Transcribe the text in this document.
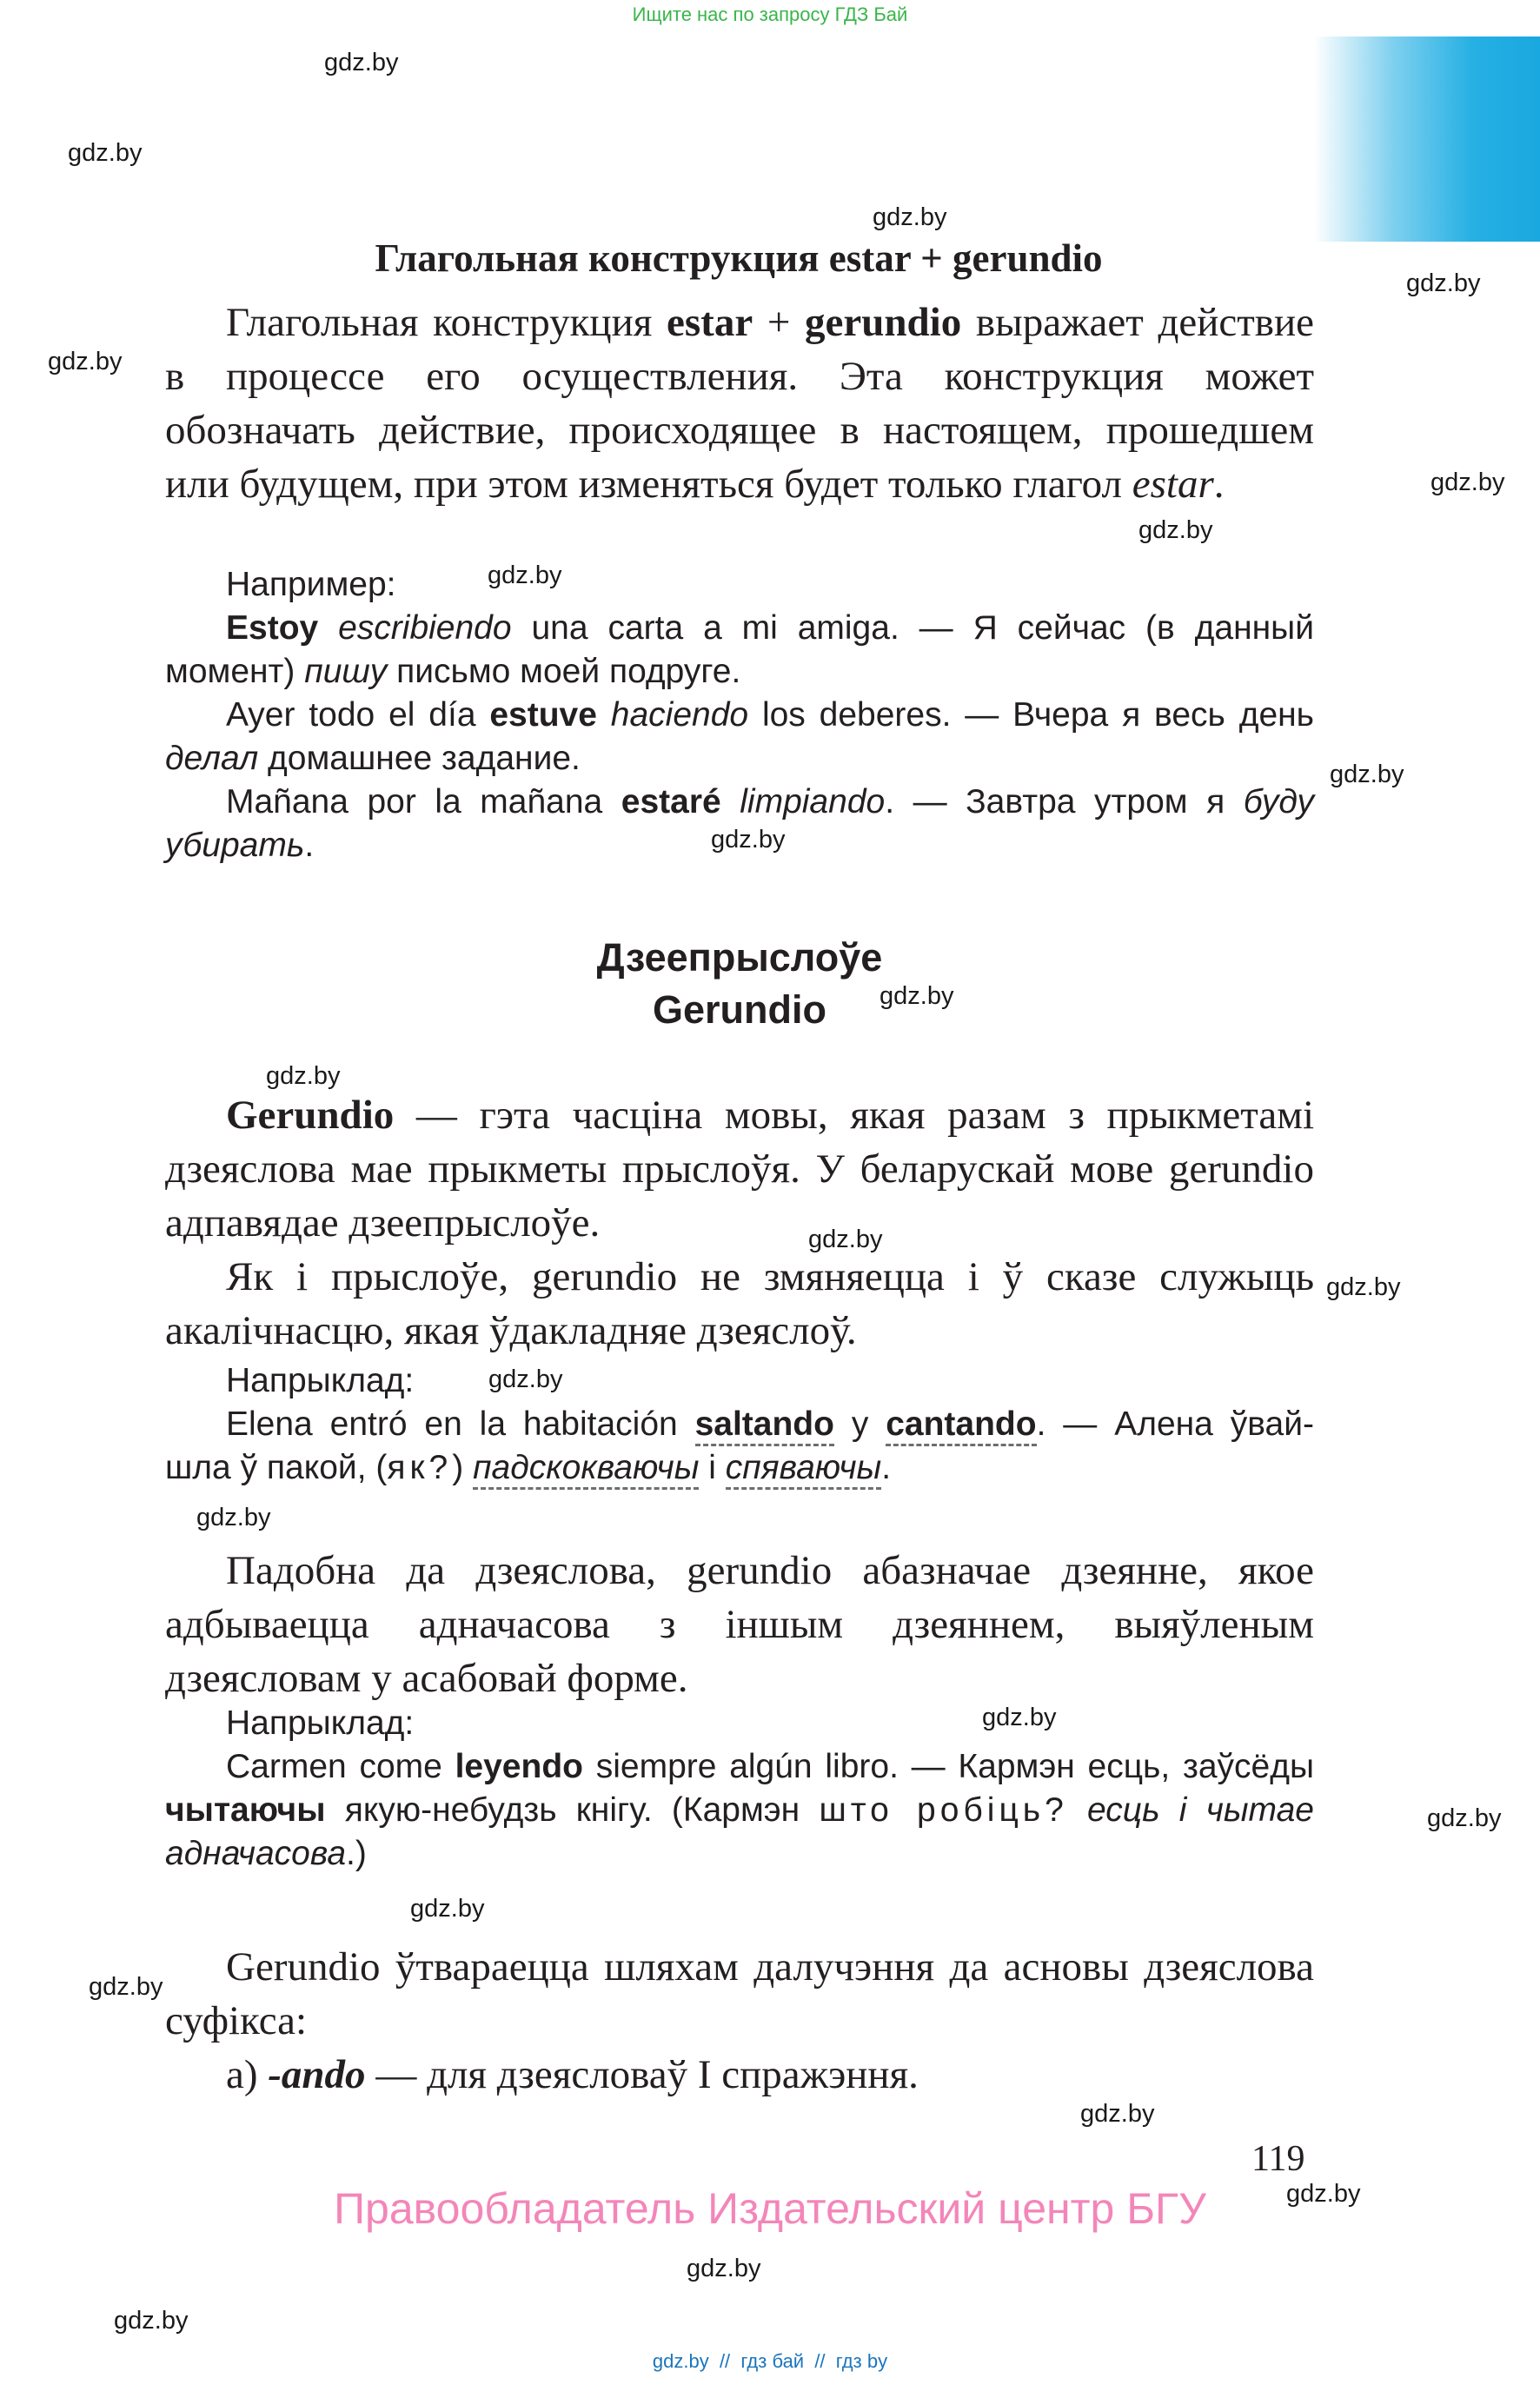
Ищите нас по запросу ГДЗ Бай
gdz.by
gdz.by
gdz.by
gdz.by
gdz.by
gdz.by
gdz.by
gdz.by
gdz.by
gdz.by
gdz.by
gdz.by
gdz.by
gdz.by
gdz.by
gdz.by
gdz.by
gdz.by
gdz.by
gdz.by
gdz.by
gdz.by
gdz.by
gdz.by
Глагольная конструкция estar + gerundio

Глагольная конструкция estar + gerundio выражает действие в процессе его осуществления. Эта конструкция может обозначать действие, происходящее в настоящем, прошедшем или будущем, при этом изменяться будет только глагол estar.

Например:

Estoy escribiendo una carta a mi amiga. — Я сейчас (в данный момент) пишу письмо моей подруге.

Ayer todo el día estuve haciendo los deberes. — Вчера я весь день делал домашнее задание.

Mañana por la mañana estaré limpiando. — Завтра утром я буду убирать.

Дзеепрыслоўе
Gerundio

Gerundio — гэта часціна мовы, якая разам з прыкметамі дзеяслова мае прыкметы прыслоўя. У беларускай мове gerundio адпавядае дзеепрыслоўе.

Як і прыслоўе, gerundio не змяняецца і ў сказе служыць акалічнасцю, якая ўдакладняе дзеяслоў.

Напрыклад:

Elena entró en la habitación saltando y cantando. — Алена ўвай-

шла ў пакой, (як?) падскокваючы і спяваючы.

Падобна да дзеяслова, gerundio абазначае дзеянне, якое адбываецца адначасова з іншым дзеяннем, выяўленым дзеясловам у асабовай форме.

Напрыклад:

Carmen come leyendo siempre algún libro. — Кармэн есць, заўсёды чытаючы якую-небудзь кнігу. (Кармэн што робіць? есць і чытае адначасова.)

Gerundio ўтвараецца шляхам далучэння да асновы дзеяслова суфікса:

а) -ando — для дзеясловаў I спражэння.

119
Правообладатель Издательский центр БГУ
gdz.by  //  гдз бай  //  гдз by
